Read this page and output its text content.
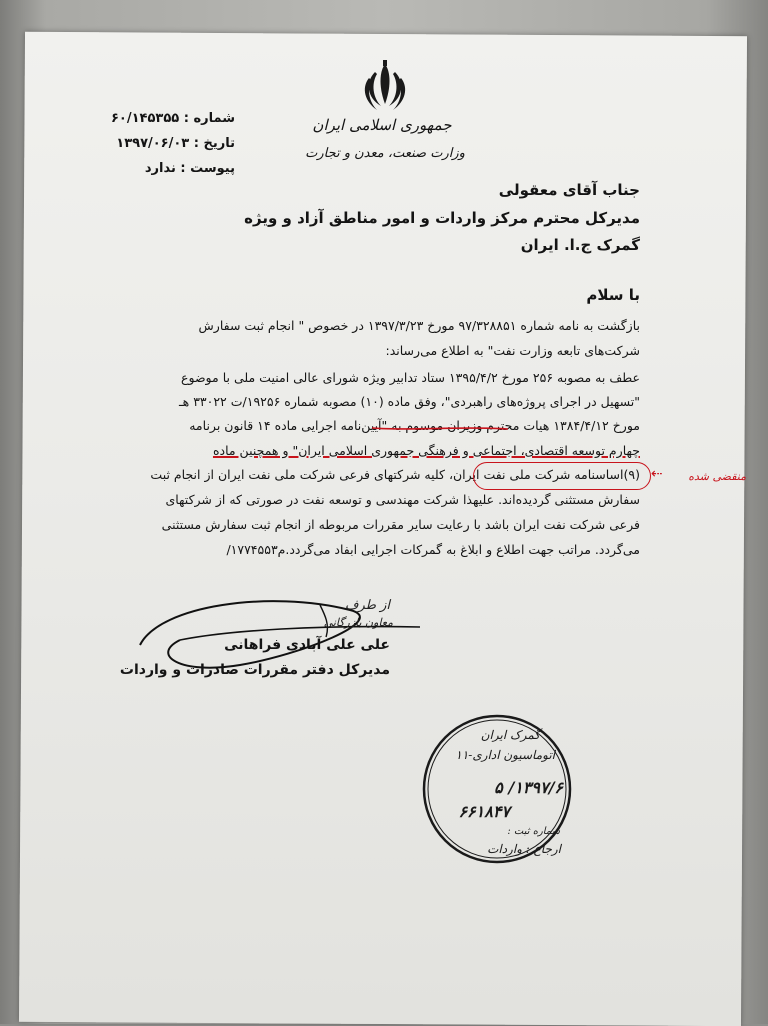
جمهوری اسلامی ایران
وزارت صنعت، معدن و تجارت
شماره : ۶۰/۱۴۵۳۵۵
تاریخ : ۱۳۹۷/۰۶/۰۳
پیوست : ندارد
جناب آقای معقولی
مدیرکل محترم مرکز واردات و امور مناطق آزاد و ویژه
گمرک ج.ا. ایران
با سلام
بازگشت به نامه شماره ۹۷/۳۲۸۸۵۱ مورخ ۱۳۹۷/۳/۲۳ در خصوص " انجام ثبت سفارش
شرکت‌های تابعه وزارت نفت" به اطلاع می‌رساند:
عطف به مصوبه ۲۵۶ مورخ ۱۳۹۵/۴/۲ ستاد تدابیر ویژه شورای عالی امنیت ملی با موضوع
"تسهیل در اجرای پروژه‌های راهبردی"، وفق ماده (۱۰) مصوبه شماره ۱۹۲۵۶/ت ۳۳۰۲۲ هـ
مورخ ۱۳۸۴/۴/۱۲ هیات محترم وزیران موسوم به "آیین‌نامه اجرایی ماده ۱۴ قانون برنامه
چهارم توسعه اقتصادی، اجتماعی و فرهنگی جمهوری اسلامی ایران" و همچنین ماده
(۹)اساسنامه شرکت ملی نفت ایران، کلیه شرکتهای فرعی شرکت ملی نفت ایران از انجام ثبت
سفارش مستثنی گردیده‌اند. علیهذا شرکت مهندسی و توسعه نفت در صورتی که از شرکتهای
فرعی شرکت نفت ایران باشد با رعایت سایر مقررات مربوطه از انجام ثبت سفارش مستثنی
می‌گردد. مراتب جهت اطلاع و ابلاغ به گمرکات اجرایی ابفاد می‌گردد.م۱۷۷۴۵۵۳/
⇠	منقضی شده
از طرف
معاون بازرگانی
علی علی آبادی فراهانی
مدیرکل دفتر مقررات صادرات و واردات
گمرک ایران
اتوماسیون اداری-۱۱
۱۳۹۷/۶/ ۵
۶۶۱۸۴۷
شماره ثبت :
ارجاع : واردات
